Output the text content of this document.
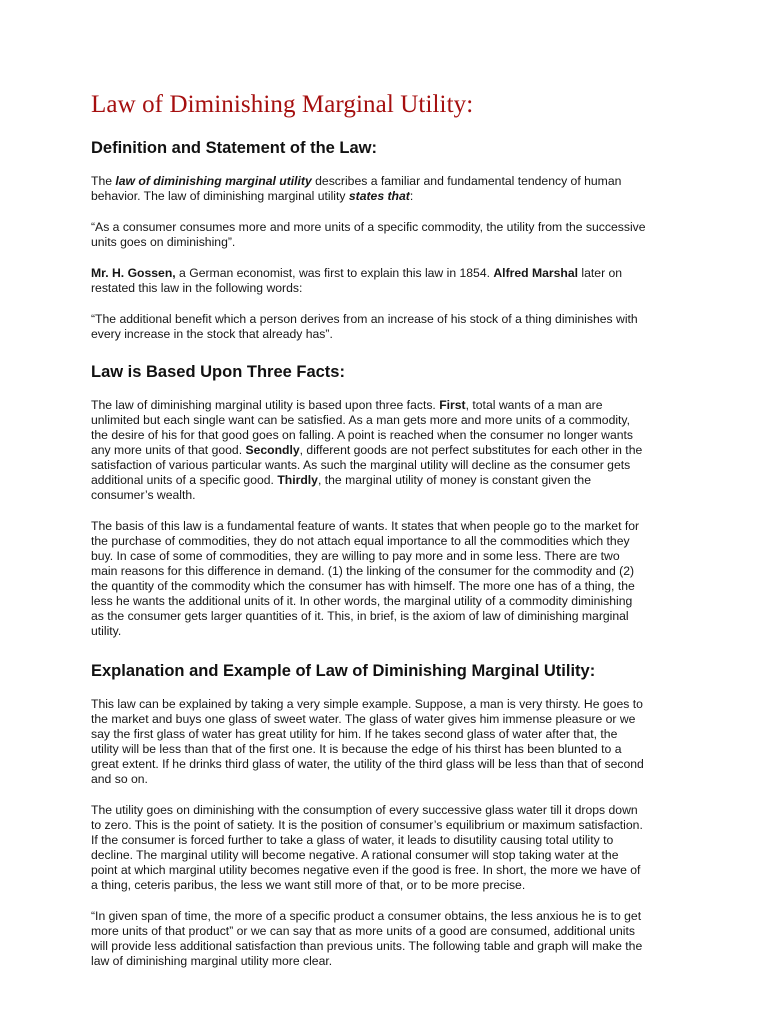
Law of Diminishing Marginal Utility:
Definition and Statement of the Law:

The law of diminishing marginal utility describes a familiar and fundamental tendency of human behavior. The law of diminishing marginal utility states that:

“As a consumer consumes more and more units of a specific commodity, the utility from the successive units goes on diminishing”.

Mr. H. Gossen, a German economist, was first to explain this law in 1854. Alfred Marshal later on restated this law in the following words:

“The additional benefit which a person derives from an increase of his stock of a thing diminishes with every increase in the stock that already has”.

Law is Based Upon Three Facts:

The law of diminishing marginal utility is based upon three facts. First, total wants of a man are unlimited but each single want can be satisfied. As a man gets more and more units of a commodity, the desire of his for that good goes on falling. A point is reached when the consumer no longer wants any more units of that good. Secondly, different goods are not perfect substitutes for each other in the satisfaction of various particular wants. As such the marginal utility will decline as the consumer gets additional units of a specific good. Thirdly, the marginal utility of money is constant given the consumer’s wealth.

The basis of this law is a fundamental feature of wants. It states that when people go to the market for the purchase of commodities, they do not attach equal importance to all the commodities which they buy. In case of some of commodities, they are willing to pay more and in some less. There are two main reasons for this difference in demand. (1) the linking of the consumer for the commodity and (2) the quantity of the commodity which the consumer has with himself. The more one has of a thing, the less he wants the additional units of it. In other words, the marginal utility of a commodity diminishing as the consumer gets larger quantities of it. This, in brief, is the axiom of law of diminishing marginal utility.

Explanation and Example of Law of Diminishing Marginal Utility:

This law can be explained by taking a very simple example. Suppose, a man is very thirsty. He goes to the market and buys one glass of sweet water. The glass of water gives him immense pleasure or we say the first glass of water has great utility for him. If he takes second glass of water after that, the utility will be less than that of the first one. It is because the edge of his thirst has been blunted to a great extent. If he drinks third glass of water, the utility of the third glass will be less than that of second and so on.

The utility goes on diminishing with the consumption of every successive glass water till it drops down to zero. This is the point of satiety. It is the position of consumer’s equilibrium or maximum satisfaction. If the consumer is forced further to take a glass of water, it leads to disutility causing total utility to decline. The marginal utility will become negative. A rational consumer will stop taking water at the point at which marginal utility becomes negative even if the good is free. In short, the more we have of a thing, ceteris paribus, the less we want still more of that, or to be more precise.

“In given span of time, the more of a specific product a consumer obtains, the less anxious he is to get more units of that product” or we can say that as more units of a good are consumed, additional units will provide less additional satisfaction than previous units. The following table and graph will make the law of diminishing marginal utility more clear.
